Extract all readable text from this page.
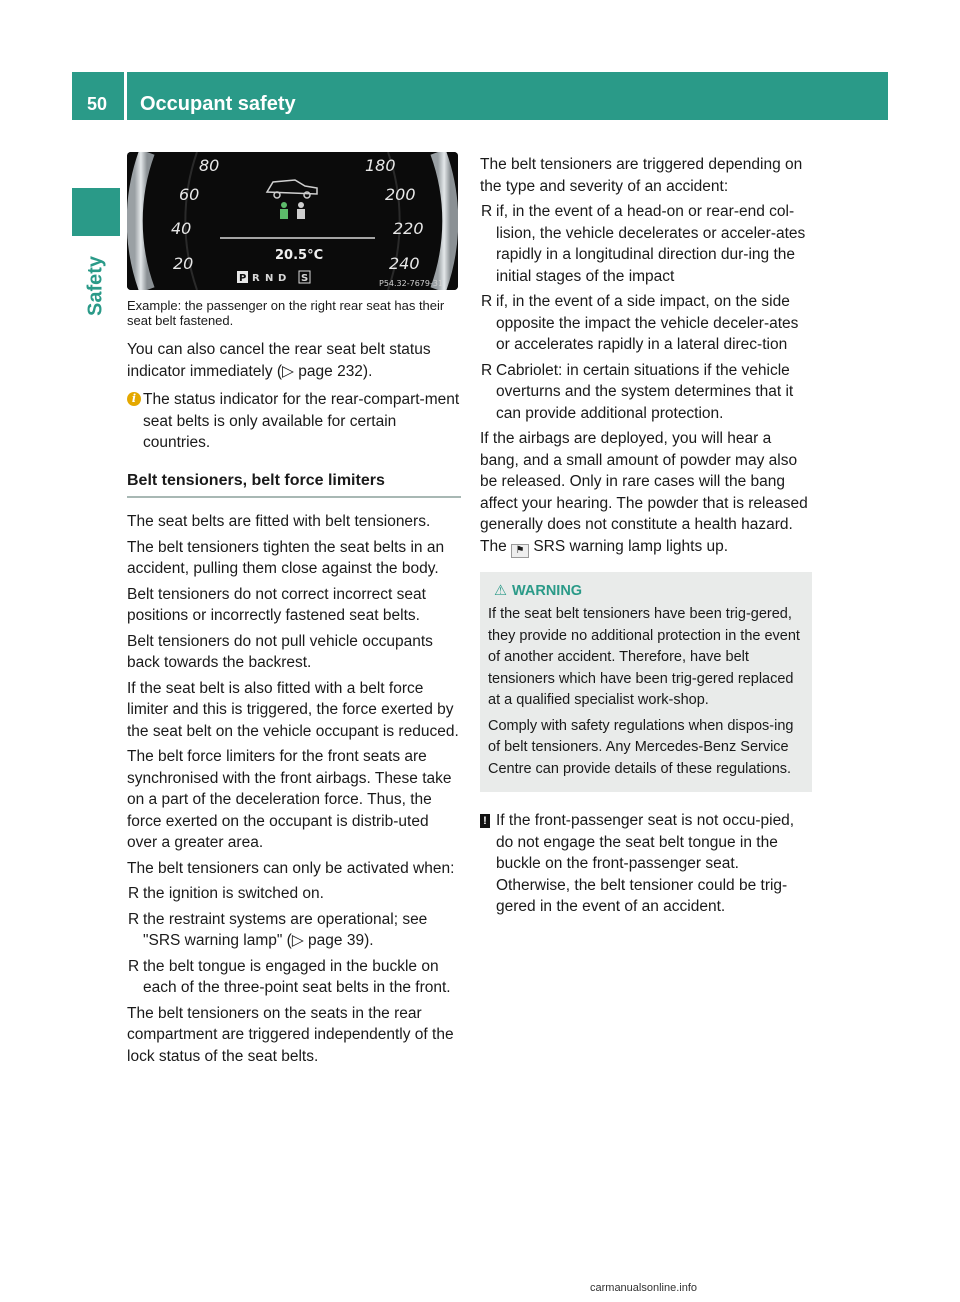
50	Occupant safety
Safety
80
60
40
20
180
200
220
240
20.5°C
P R N D S	P54.32-7679-31

Example: the passenger on the right rear seat has their seat belt fastened.

You can also cancel the rear seat belt status indicator immediately (▷ page 232).

i The status indicator for the rear-compart-ment seat belts is only available for certain countries.
Belt tensioners, belt force limiters

The seat belts are fitted with belt tensioners.

The belt tensioners tighten the seat belts in an accident, pulling them close against the body.

Belt tensioners do not correct incorrect seat positions or incorrectly fastened seat belts.

Belt tensioners do not pull vehicle occupants back towards the backrest.

If the seat belt is also fitted with a belt force limiter and this is triggered, the force exerted by the seat belt on the vehicle occupant is reduced.

The belt force limiters for the front seats are synchronised with the front airbags. These take on a part of the deceleration force. Thus, the force exerted on the occupant is distrib-uted over a greater area.

The belt tensioners can only be activated when:

R the ignition is switched on.
R the restraint systems are operational; see "SRS warning lamp" (▷ page 39).
R the belt tongue is engaged in the buckle on each of the three-point seat belts in the front.

The belt tensioners on the seats in the rear compartment are triggered independently of the lock status of the seat belts.

The belt tensioners are triggered depending on the type and severity of an accident:

R if, in the event of a head-on or rear-end col-lision, the vehicle decelerates or acceler-ates rapidly in a longitudinal direction dur-ing the initial stages of the impact
R if, in the event of a side impact, on the side opposite the impact the vehicle deceler-ates or accelerates rapidly in a lateral direc-tion
R Cabriolet: in certain situations if the vehicle overturns and the system determines that it can provide additional protection.

If the airbags are deployed, you will hear a bang, and a small amount of powder may also be released. Only in rare cases will the bang affect your hearing. The powder that is released generally does not constitute a health hazard. The ⚑ SRS warning lamp lights up.

⚠ WARNING

If the seat belt tensioners have been trig-gered, they provide no additional protection in the event of another accident. Therefore, have belt tensioners which have been trig-gered replaced at a qualified specialist work-shop.

Comply with safety regulations when dispos-ing of belt tensioners. Any Mercedes-Benz Service Centre can provide details of these regulations.

! If the front-passenger seat is not occu-pied, do not engage the seat belt tongue in the buckle on the front-passenger seat. Otherwise, the belt tensioner could be trig-gered in the event of an accident.
carmanualsonline.info
